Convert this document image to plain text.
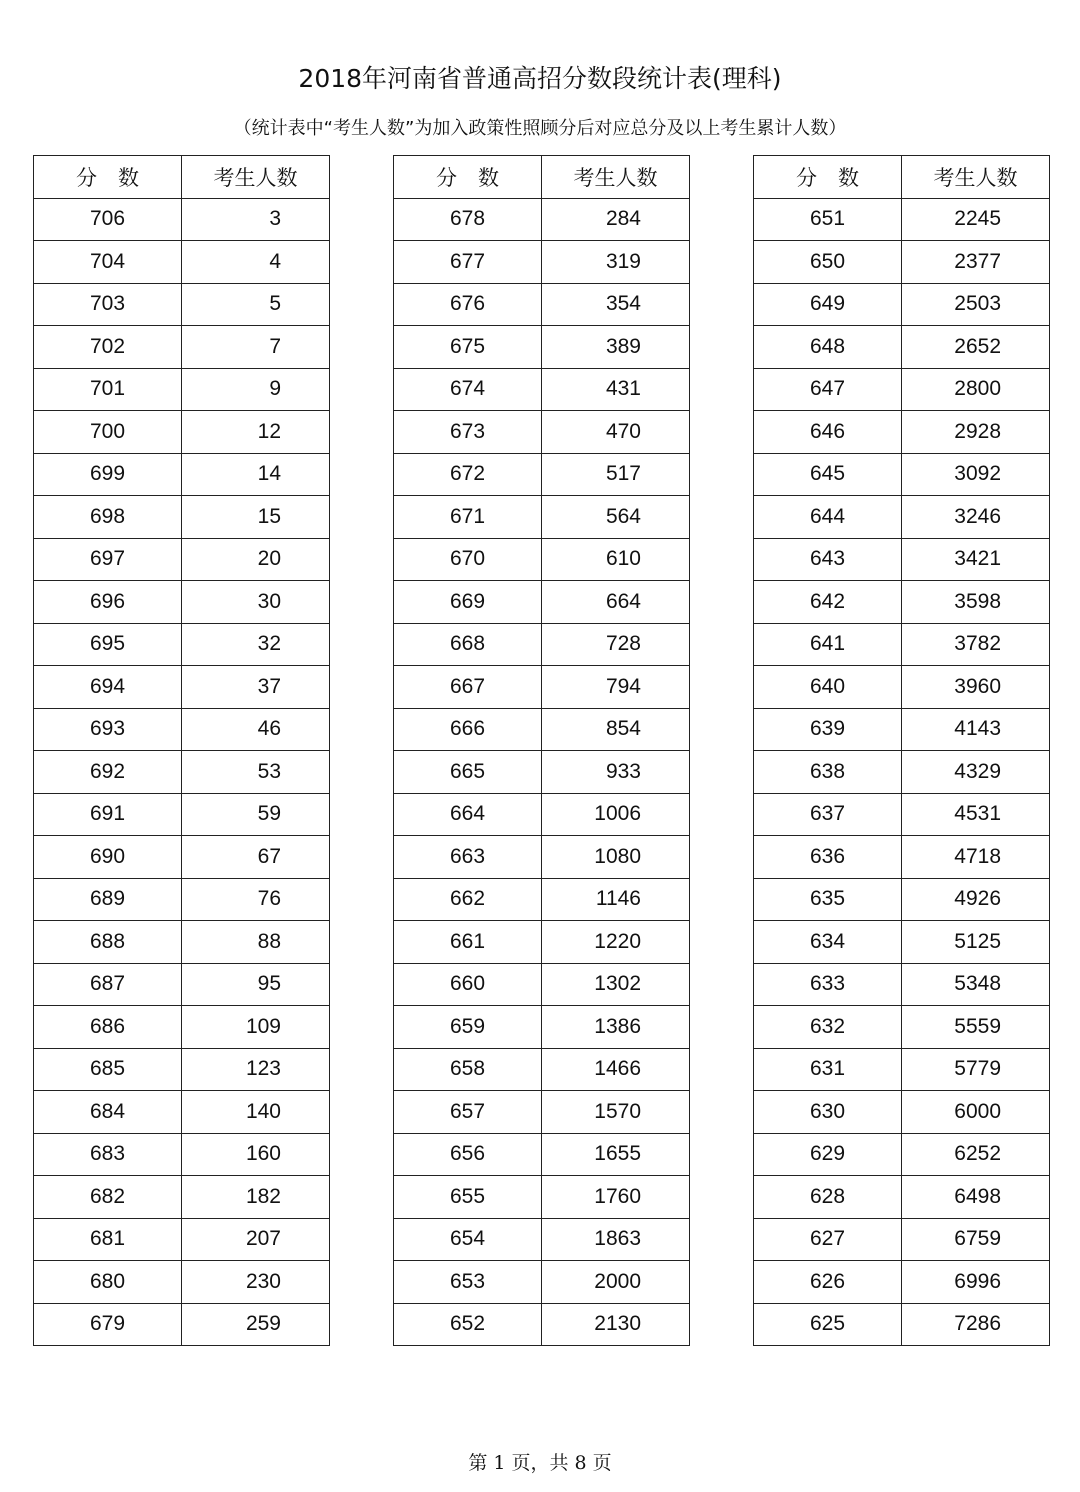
2018年河南省普通高招分数段统计表(理科)
（统计表中“考生人数”为加入政策性照顾分后对应总分及以上考生累计人数）
分　数	考生人数
706	3
704	4
703	5
702	7
701	9
700	12
699	14
698	15
697	20
696	30
695	32
694	37
693	46
692	53
691	59
690	67
689	76
688	88
687	95
686	109
685	123
684	140
683	160
682	182
681	207
680	230
679	259
分　数	考生人数
678	284
677	319
676	354
675	389
674	431
673	470
672	517
671	564
670	610
669	664
668	728
667	794
666	854
665	933
664	1006
663	1080
662	1146
661	1220
660	1302
659	1386
658	1466
657	1570
656	1655
655	1760
654	1863
653	2000
652	2130
分　数	考生人数
651	2245
650	2377
649	2503
648	2652
647	2800
646	2928
645	3092
644	3246
643	3421
642	3598
641	3782
640	3960
639	4143
638	4329
637	4531
636	4718
635	4926
634	5125
633	5348
632	5559
631	5779
630	6000
629	6252
628	6498
627	6759
626	6996
625	7286
第 1 页，共 8 页
